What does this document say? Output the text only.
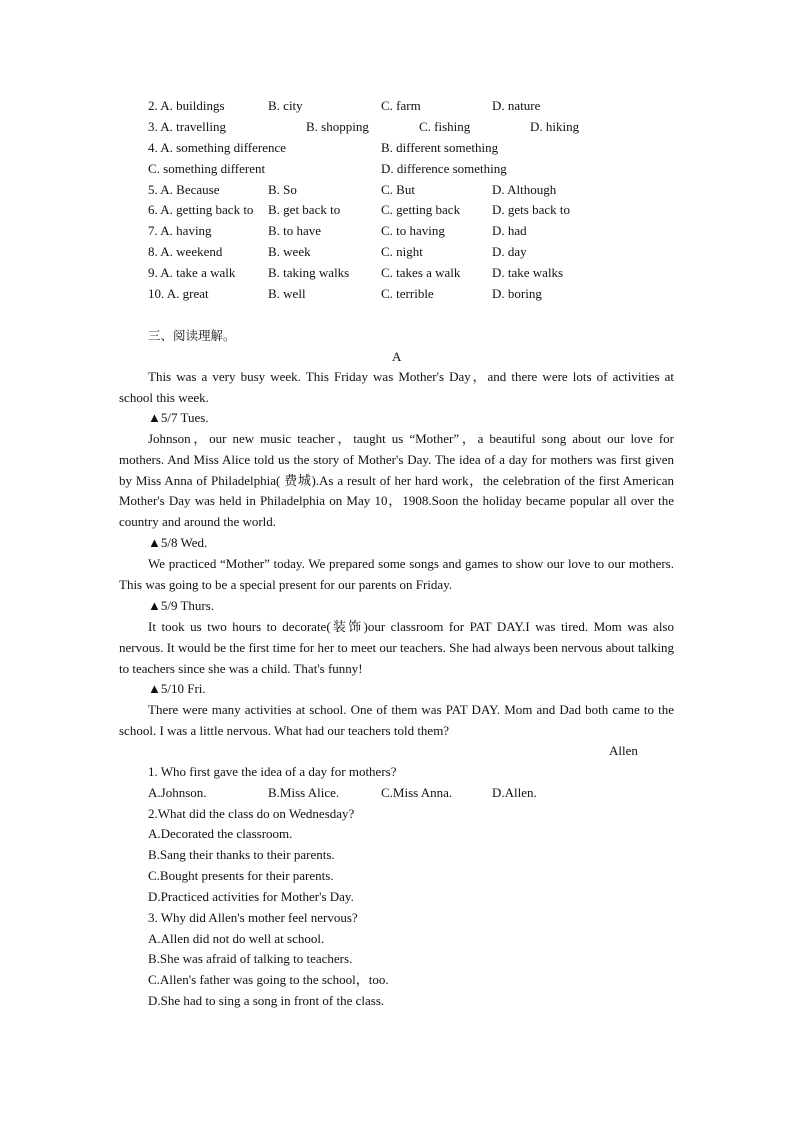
2. A. buildings	B. city	C. farm	D. nature
3. A. travelling	B. shopping	C. fishing	D. hiking
4. A. something difference	B. different something
C. something different	D. difference something
5. A. Because	B. So	C. But	D. Although
6. A. getting back to B. get back to	C. getting back D. gets back to
7. A. having	B. to have	C. to having	D. had
8. A. weekend	B. week	C. night	D. day
9. A. take a walk	B. taking walks C. takes a walk D. take walks
10. A. great	B. well	C. terrible	D. boring
三、阅读理解。
A
This was a very busy week. This Friday was Mother's Day，and there were lots of activities at school this week.
▲5/7 Tues.
Johnson，our new music teacher，taught us “Mother”，a beautiful song about our love for mothers. And Miss Alice told us the story of Mother's Day. The idea of a day for mothers was first given by Miss Anna of Philadelphia( 费城).As a result of her hard work，the celebration of the first American Mother's Day was held in Philadelphia on May 10，1908.Soon the holiday became popular all over the country and around the world.
▲5/8 Wed.
We practiced “Mother” today. We prepared some songs and games to show our love to our mothers. This was going to be a special present for our parents on Friday.
▲5/9 Thurs.
It took us two hours to decorate(装饰)our classroom for PAT DAY.I was tired. Mom was also nervous. It would be the first time for her to meet our teachers. She had always been nervous about talking to teachers since she was a child. That's funny!
▲5/10 Fri.
There were many activities at school. One of them was PAT DAY. Mom and Dad both came to the school. I was a little nervous. What had our teachers told them?
Allen
1. Who first gave the idea of a day for mothers?
A.Johnson.	B.Miss Alice.	C.Miss Anna.	D.Allen.
2.What did the class do on Wednesday?
A.Decorated the classroom.
B.Sang their thanks to their parents.
C.Bought presents for their parents.
D.Practiced activities for Mother's Day.
3. Why did Allen's mother feel nervous?
A.Allen did not do well at school.
B.She was afraid of talking to teachers.
C.Allen's father was going to the school，too.
D.She had to sing a song in front of the class.
